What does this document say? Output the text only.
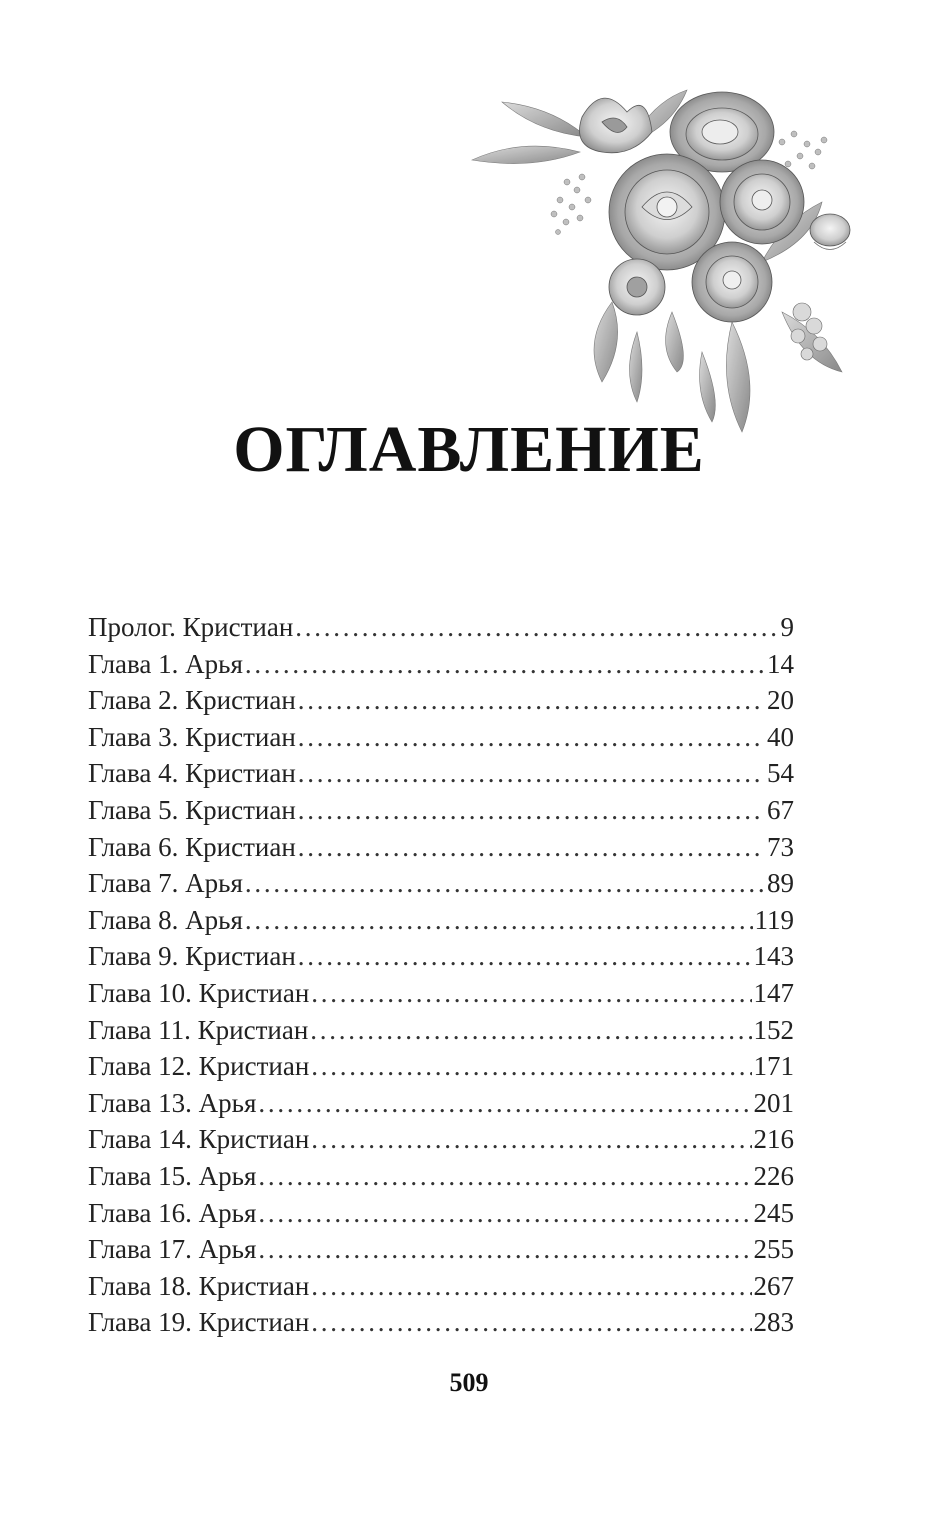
ОГЛАВЛЕНИЕ
Пролог. Кристиан . . .	9
Глава 1. Арья . . .	14
Глава 2. Кристиан . . .	20
Глава 3. Кристиан . . .	40
Глава 4. Кристиан . . .	54
Глава 5. Кристиан . . .	67
Глава 6. Кристиан . . .	73
Глава 7. Арья . . .	89
Глава 8. Арья . . .	119
Глава 9. Кристиан . . .	143
Глава 10. Кристиан . . .	147
Глава 11. Кристиан . . .	152
Глава 12. Кристиан . . .	171
Глава 13. Арья . . .	201
Глава 14. Кристиан . . .	216
Глава 15. Арья . . .	226
Глава 16. Арья . . .	245
Глава 17. Арья . . .	255
Глава 18. Кристиан . . .	267
Глава 19. Кристиан . . .	283
509
